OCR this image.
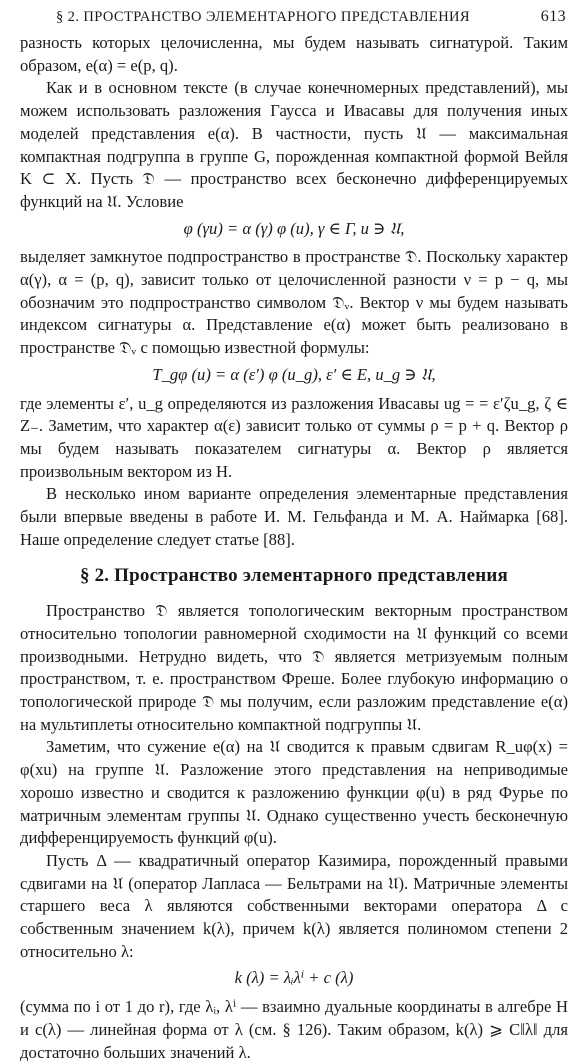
§ 2. ПРОСТРАНСТВО ЭЛЕМЕНТАРНОГО ПРЕДСТАВЛЕНИЯ	613

разность которых целочисленна, мы будем называть сигнатурой. Таким образом, e(α) = e(p, q).

Как и в основном тексте (в случае конечномерных представлений), мы можем использовать разложения Гаусса и Ивасавы для получения иных моделей представления e(α). В частности, пусть 𝔘 — максимальная компактная подгруппа в группе G, порожденная компактной формой Вейля K ⊂ X. Пусть 𝔇 — пространство всех бесконечно дифференцируемых функций на 𝔘. Условие

φ (γu) = α (γ) φ (u), γ ∈ Γ, u ∋ 𝔘,

выделяет замкнутое подпространство в пространстве 𝔇. Поскольку характер α(γ), α = (p, q), зависит только от целочисленной разности ν = p − q, мы обозначим это подпространство символом 𝔇ᵥ. Вектор ν мы будем называть индексом сигнатуры α. Представление e(α) может быть реализовано в пространстве 𝔇ᵥ с помощью известной формулы:

T_gφ (u) = α (ε′) φ (u_g), ε′ ∈ E, u_g ∋ 𝔘,

где элементы ε′, u_g определяются из разложения Ивасавы ug = = ε′ζu_g, ζ ∈ Z₋. Заметим, что характер α(ε) зависит только от суммы ρ = p + q. Вектор ρ мы будем называть показателем сигнатуры α. Вектор ρ является произвольным вектором из H.

В несколько ином варианте определения элементарные представления были впервые введены в работе И. М. Гельфанда и М. А. Наймарка [68]. Наше определение следует статье [88].

§ 2. Пространство элементарного представления

Пространство 𝔇 является топологическим векторным пространством относительно топологии равномерной сходимости на 𝔘 функций со всеми производными. Нетрудно видеть, что 𝔇 является метризуемым полным пространством, т. е. пространством Фреше. Более глубокую информацию о топологической природе 𝔇 мы получим, если разложим представление e(α) на мультиплеты относительно компактной подгруппы 𝔘.

Заметим, что сужение e(α) на 𝔘 сводится к правым сдвигам R_uφ(x) = φ(xu) на группе 𝔘. Разложение этого представления на неприводимые хорошо известно и сводится к разложению функции φ(u) в ряд Фурье по матричным элементам группы 𝔘. Однако существенно учесть бесконечную дифференцируемость функций φ(u).

Пусть Δ — квадратичный оператор Казимира, порожденный правыми сдвигами на 𝔘 (оператор Лапласа — Бельтрами на 𝔘). Матричные элементы старшего веса λ являются собственными векторами оператора Δ с собственным значением k(λ), причем k(λ) является полиномом степени 2 относительно λ:

k (λ) = λᵢλⁱ + c (λ)

(сумма по i от 1 до r), где λᵢ, λⁱ — взаимно дуальные координаты в алгебре H и c(λ) — линейная форма от λ (см. § 126). Таким образом, k(λ) ⩾ C‖λ‖ для достаточно больших значений λ.
